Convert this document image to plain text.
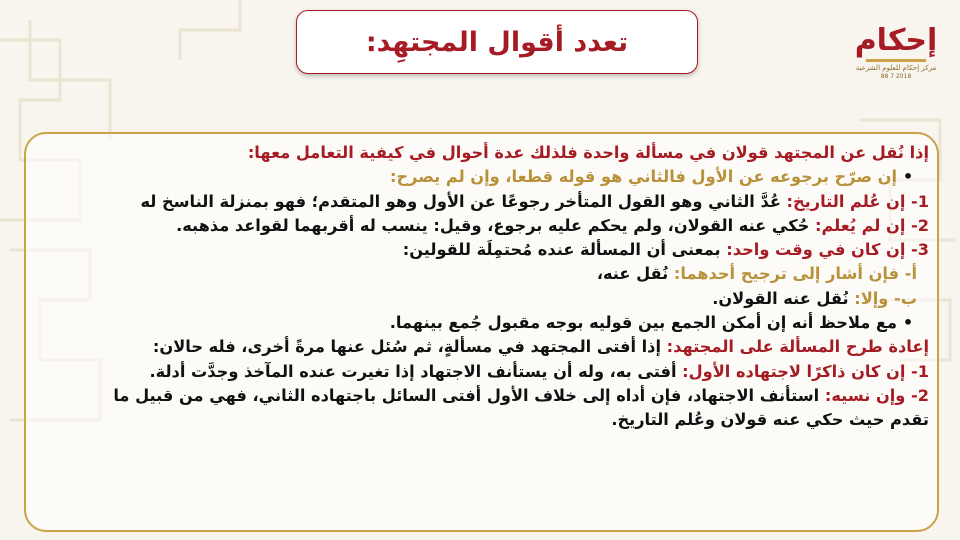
تعدد أقوال المجتهِد:	إحكام
مركز إحكام للعلوم الشرعية
88 7 2018
إذا نُقل عن المجتهد قولان في مسألة واحدة فلذلك عدة أحوال في كيفية التعامل معها:
•إن صرّح برجوعه عن الأول فالثاني هو قوله قطعا، وإن لم يصرح:
1- إن عُلم التاريخ: عُدَّ الثاني وهو القول المتأخر رجوعًا عن الأول وهو المتقدم؛ فهو بمنزلة الناسخ له
2- إن لم يُعلم: حُكي عنه القولان، ولم يحكم عليه برجوع، وقيل: ينسب له أقربهما لقواعد مذهبه.
3- إن كان في وقت واحد: بمعنى أن المسألة عنده مُحتمِلَة للقولين:
أ- فإن أشار إلى ترجيح أحدهما: نُقل عنه،
ب- وإلا: نُقل عنه القولان.
•مع ملاحظ أنه إن أمكن الجمع بين قوليه بوجه مقبول جُمع بينهما.
إعادة طرح المسألة على المجتهد: إذا أفتى المجتهد في مسألةٍ، ثم سُئل عنها مرةً أخرى، فله حالان:
1- إن كان ذاكرًا لاجتهاده الأول: أفتى به، وله أن يستأنف الاجتهاد إذا تغيرت عنده المآخذ وجدَّت أدلة.
2- وإن نسيه: استأنف الاجتهاد، فإن أداه إلى خلاف الأول أفتى السائل باجتهاده الثاني، فهي من قبيل ما
تقدم حيث حكي عنه قولان وعُلم التاريخ.
